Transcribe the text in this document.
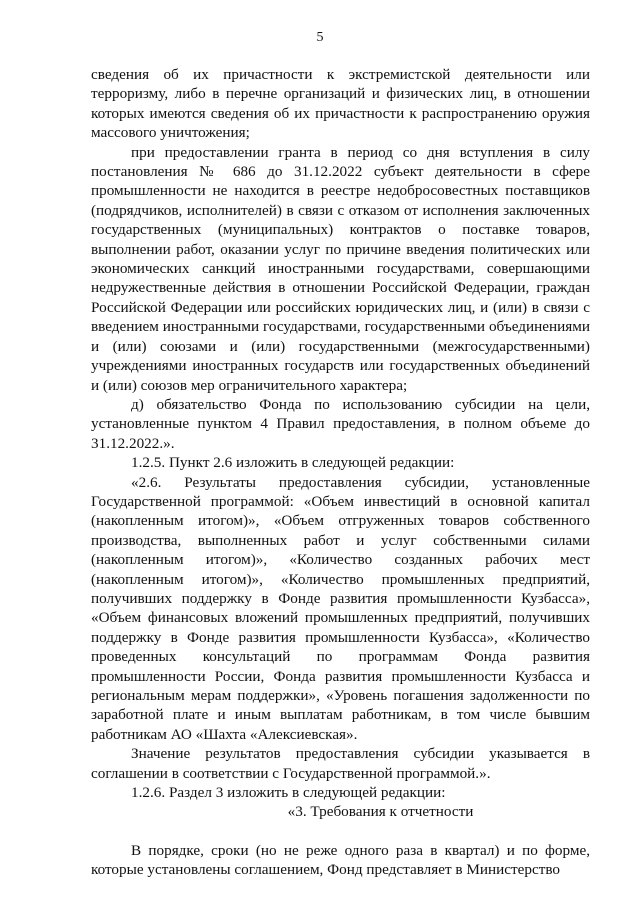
5

сведения об их причастности к экстремистской деятельности или терроризму, либо в перечне организаций и физических лиц, в отношении которых имеются сведения об их причастности к распространению оружия массового уничтожения;

при предоставлении гранта в период со дня вступления в силу постановления № 686 до 31.12.2022 субъект деятельности в сфере промышленности не находится в реестре недобросовестных поставщиков (подрядчиков, исполнителей) в связи с отказом от исполнения заключенных государственных (муниципальных) контрактов о поставке товаров, выполнении работ, оказании услуг по причине введения политических или экономических санкций иностранными государствами, совершающими недружественные действия в отношении Российской Федерации, граждан Российской Федерации или российских юридических лиц, и (или) в связи с введением иностранными государствами, государственными объединениями и (или) союзами и (или) государственными (межгосударственными) учреждениями иностранных государств или государственных объединений и (или) союзов мер ограничительного характера;

д) обязательство Фонда по использованию субсидии на цели, установленные пунктом 4 Правил предоставления, в полном объеме до 31.12.2022.».

1.2.5. Пункт 2.6 изложить в следующей редакции:

«2.6. Результаты предоставления субсидии, установленные Государственной программой: «Объем инвестиций в основной капитал (накопленным итогом)», «Объем отгруженных товаров собственного производства, выполненных работ и услуг собственными силами (накопленным итогом)», «Количество созданных рабочих мест (накопленным итогом)», «Количество промышленных предприятий, получивших поддержку в Фонде развития промышленности Кузбасса», «Объем финансовых вложений промышленных предприятий, получивших поддержку в Фонде развития промышленности Кузбасса», «Количество проведенных консультаций по программам Фонда развития промышленности России, Фонда развития промышленности Кузбасса и региональным мерам поддержки», «Уровень погашения задолженности по заработной плате и иным выплатам работникам, в том числе бывшим работникам АО «Шахта «Алексиевская».

Значение результатов предоставления субсидии указывается в соглашении в соответствии с Государственной программой.».

1.2.6. Раздел 3 изложить в следующей редакции:

«3. Требования к отчетности

В порядке, сроки (но не реже одного раза в квартал) и по форме, которые установлены соглашением, Фонд представляет в Министерство
